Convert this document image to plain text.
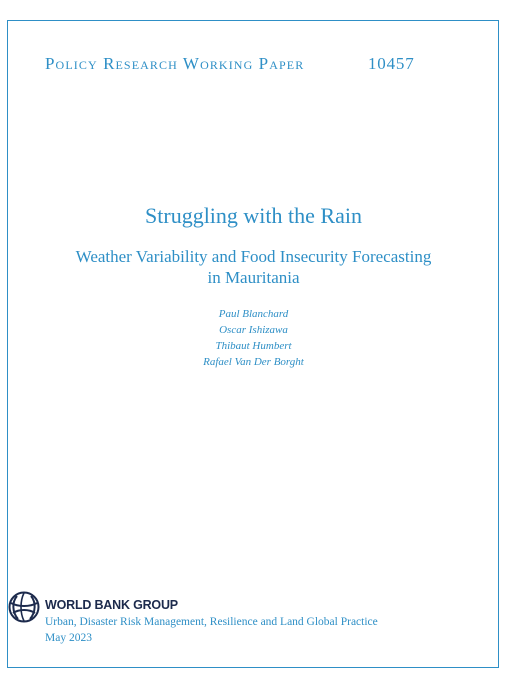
Policy Research Working Paper	10457
Struggling with the Rain
Weather Variability and Food Insecurity Forecasting
in Mauritania
Paul Blanchard
Oscar Ishizawa
Thibaut Humbert
Rafael Van Der Borght
WORLD BANK GROUP
Urban, Disaster Risk Management, Resilience and Land Global Practice
May 2023
